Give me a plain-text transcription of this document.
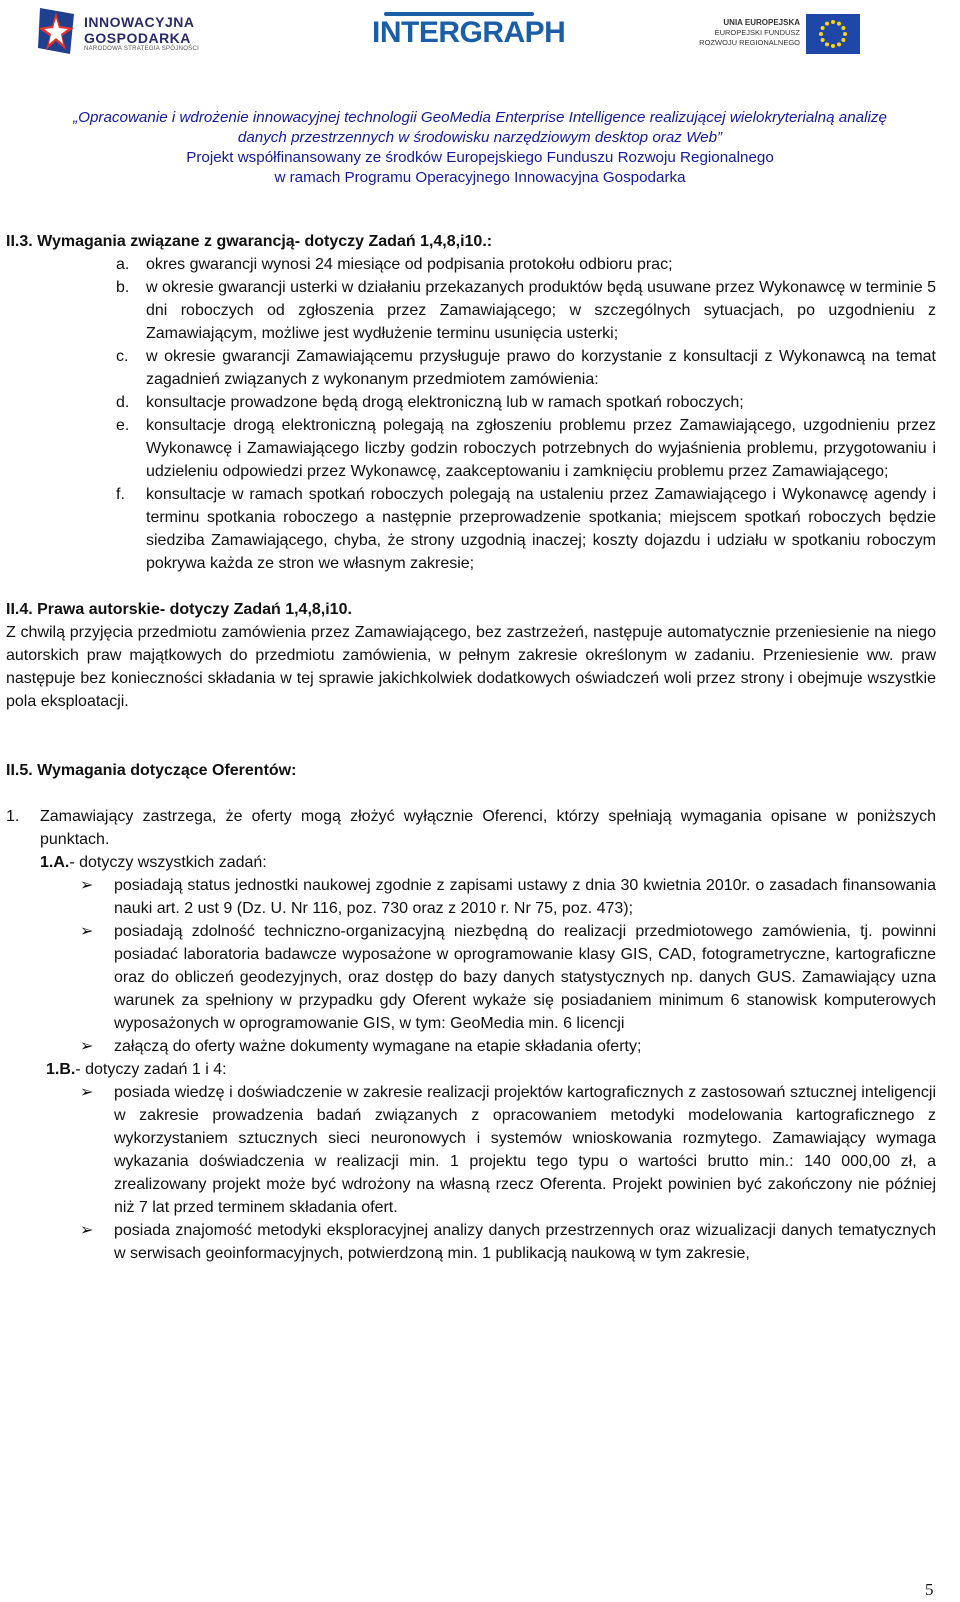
INNOWACYJNA
GOSPODARKA
NARODOWA STRATEGIA SPÓJNOŚCI	INTERGRAPH	UNIA EUROPEJSKA
EUROPEJSKI FUNDUSZ
ROZWOJU REGIONALNEGO
„Opracowanie i wdrożenie innowacyjnej technologii GeoMedia Enterprise Intelligence realizującej wielokryterialną analizę
danych przestrzennych w środowisku narzędziowym desktop oraz Web”
Projekt współfinansowany ze środków Europejskiego Funduszu Rozwoju Regionalnego
w ramach Programu Operacyjnego Innowacyjna Gospodarka
II.3. Wymagania związane z gwarancją- dotyczy Zadań 1,4,8,i10.:
a.	okres gwarancji wynosi 24 miesiące od podpisania protokołu odbioru prac;
b.	w okresie gwarancji usterki w działaniu przekazanych produktów będą usuwane przez Wykonawcę w terminie 5 dni roboczych od zgłoszenia przez Zamawiającego; w szczególnych sytuacjach, po uzgodnieniu z Zamawiającym, możliwe jest wydłużenie terminu usunięcia usterki;
c.	w okresie gwarancji Zamawiającemu przysługuje prawo do korzystanie z konsultacji z Wykonawcą na temat zagadnień związanych z wykonanym przedmiotem zamówienia:
d.	konsultacje prowadzone będą drogą elektroniczną lub w ramach spotkań roboczych;
e.	konsultacje drogą elektroniczną polegają na zgłoszeniu problemu przez Zamawiającego, uzgodnieniu przez Wykonawcę i Zamawiającego liczby godzin roboczych potrzebnych do wyjaśnienia problemu, przygotowaniu i udzieleniu odpowiedzi przez Wykonawcę, zaakceptowaniu i zamknięciu problemu przez Zamawiającego;
f.	konsultacje w ramach spotkań roboczych polegają na ustaleniu przez Zamawiającego i Wykonawcę agendy i terminu spotkania roboczego a następnie przeprowadzenie spotkania; miejscem spotkań roboczych będzie siedziba Zamawiającego, chyba, że strony uzgodnią inaczej; koszty dojazdu i udziału w spotkaniu roboczym pokrywa każda ze stron we własnym zakresie;
II.4. Prawa autorskie- dotyczy Zadań 1,4,8,i10.
Z chwilą przyjęcia przedmiotu zamówienia przez Zamawiającego, bez zastrzeżeń, następuje automatycznie przeniesienie na niego autorskich praw majątkowych do przedmiotu zamówienia, w pełnym zakresie określonym w zadaniu. Przeniesienie ww. praw następuje bez konieczności składania w tej sprawie jakichkolwiek dodatkowych oświadczeń woli przez strony i obejmuje wszystkie pola eksploatacji.
II.5. Wymagania dotyczące Oferentów:
1.	Zamawiający zastrzega, że oferty mogą złożyć wyłącznie Oferenci, którzy spełniają wymagania opisane w poniższych punktach.
1.A.- dotyczy wszystkich zadań:
➢	posiadają status jednostki naukowej zgodnie z zapisami ustawy z dnia 30 kwietnia 2010r. o zasadach finansowania nauki art. 2 ust 9 (Dz. U. Nr 116, poz. 730 oraz z 2010 r. Nr 75, poz. 473);
➢	posiadają zdolność techniczno-organizacyjną niezbędną do realizacji przedmiotowego zamówienia, tj. powinni posiadać laboratoria badawcze wyposażone w oprogramowanie klasy GIS, CAD, fotogrametryczne, kartograficzne oraz do obliczeń geodezyjnych, oraz dostęp do bazy danych statystycznych np. danych GUS. Zamawiający uzna warunek za spełniony w przypadku gdy Oferent wykaże się posiadaniem minimum 6 stanowisk komputerowych wyposażonych w oprogramowanie GIS, w tym: GeoMedia min. 6 licencji
➢	załączą do oferty ważne dokumenty wymagane na etapie składania oferty;
1.B.- dotyczy zadań 1 i 4:
➢	posiada wiedzę i doświadczenie w zakresie realizacji projektów kartograficznych z zastosowań sztucznej inteligencji w zakresie prowadzenia badań związanych z opracowaniem metodyki modelowania kartograficznego z wykorzystaniem sztucznych sieci neuronowych i systemów wnioskowania rozmytego. Zamawiający wymaga wykazania doświadczenia w realizacji min. 1 projektu tego typu o wartości brutto min.: 140 000,00 zł, a zrealizowany projekt może być wdrożony na własną rzecz Oferenta. Projekt powinien być zakończony nie później niż 7 lat przed terminem składania ofert.
➢	posiada znajomość metodyki eksploracyjnej analizy danych przestrzennych oraz wizualizacji danych tematycznych w serwisach geoinformacyjnych, potwierdzoną min. 1 publikacją naukową w tym zakresie,
5
